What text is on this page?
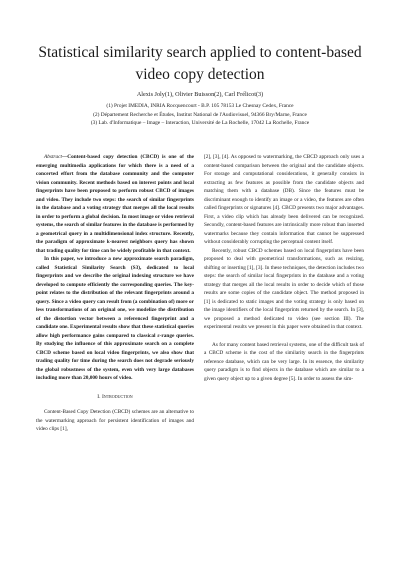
Statistical similarity search applied to content-based
video copy detection
Alexis Joly(1), Olivier Buisson(2), Carl Frélicot(3)
(1) Projet IMEDIA, INRIA Rocquencourt - B.P. 105 78153 Le Chesnay Cedex, France
(2) Département Recherche et Études, Institut National de l'Audiovisuel, 94366 Bry/Marne, France
(3) Lab. d'Informatique – Image – Interaction, Université de La Rochelle, 17042 La Rochelle, France

Abstract—Content-based copy detection (CBCD) is one of the emerging multimedia applications for which there is a need of a concerted effort from the database community and the computer vision community. Recent methods based on interest points and local fingerprints have been proposed to perform robust CBCD of images and video. They include two steps: the search of similar fingerprints in the database and a voting strategy that merges all the local results in order to perform a global decision. In most image or video retrieval systems, the search of similar features in the database is performed by a geometrical query in a multidimensional index structure. Recently, the paradigm of approximate k-nearest neighbors query has shown that trading quality for time can be widely profitable in that context.

In this paper, we introduce a new approximate search paradigm, called Statistical Similarity Search (S3), dedicated to local fingerprints and we describe the original indexing structure we have developed to compute efficiently the corresponding queries. The key-point relates to the distribution of the relevant fingerprints around a query. Since a video query can result from (a combination of) more or less transformations of an original one, we modelize the distribution of the distortion vector between a referenced fingerprint and a candidate one. Experimental results show that these statistical queries allow high performance gains compared to classical ε-range queries. By studying the influence of this approximate search on a complete CBCD scheme based on local video fingerprints, we also show that trading quality for time during the search does not degrade seriously the global robustness of the system, even with very large databases including more than 20,000 hours of video.

I. Introduction

Content-Based Copy Detection (CBCD) schemes are an alternative to the watermarking approach for persistent identification of images and video clips [1],

[2], [3], [4]. As opposed to watermarking, the CBCD approach only uses a content-based comparison between the original and the candidate objects. For storage and computational considerations, it generally consists in extracting as few features as possible from the candidate objects and matching them with a database (DB). Since the features must be discriminant enough to identify an image or a video, the features are often called fingerprints or signatures [4]. CBCD presents two major advantages. First, a video clip which has already been delivered can be recognized. Secondly, content-based features are intrinsically more robust than inserted watermarks because they contain information that cannot be suppressed without considerably corrupting the perceptual content itself.

Recently, robust CBCD schemes based on local fingerprints have been proposed to deal with geometrical transformations, such as resizing, shifting or inserting [1], [3]. In these techniques, the detection includes two steps: the search of similar local fingerprints in the database and a voting strategy that merges all the local results in order to decide which of those results are some copies of the candidate object. The method proposed in [1] is dedicated to static images and the voting strategy is only based on the image identifiers of the local fingerprints returned by the search. In [3], we proposed a method dedicated to video (see section III). The experimental results we present in this paper were obtained in that context.

As for many content based retrieval systems, one of the difficult task of a CBCD scheme is the cost of the similarity search in the fingerprints reference database, which can be very large. In its essence, the similarity query paradigm is to find objects in the database which are similar to a given query object up to a given degree [5]. In order to assess the sim-
